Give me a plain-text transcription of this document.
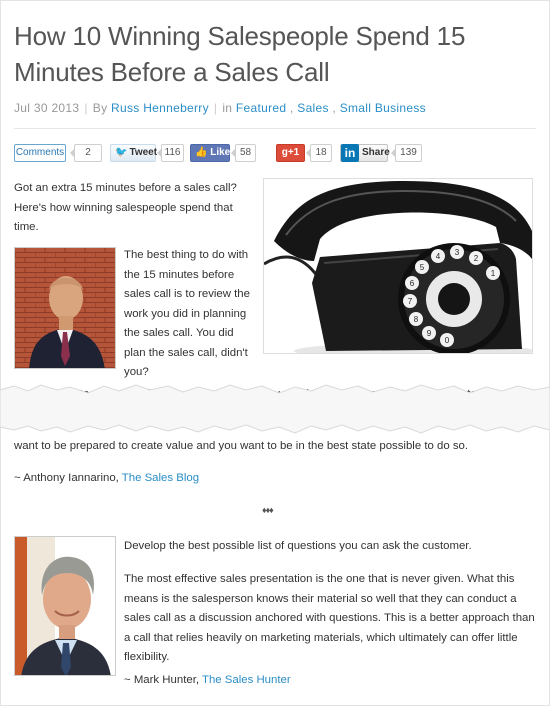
How 10 Winning Salespeople Spend 15 Minutes Before a Sales Call
Jul 30 2013 | By Russ Henneberry | in Featured , Sales , Small Business
Comments	2	🐦 Tweet 116	👍 Like 58	g+1	18	in Share	139

Got an extra 15 minutes before a sales call? Here's how winning salespeople spend that time.

1
2
3
4
5
6
7
8
9
0

The best thing to do with the 15 minutes before sales call is to review the work you did in planning the sales call. You did plan the sales call, didn't you?

want to be prepared to create value and you want to be in the best state possible to do so.

~ Anthony Iannarino, The Sales Blog
♦♦♦

Develop the best possible list of questions you can ask the customer.

The most effective sales presentation is the one that is never given. What this means is the salesperson knows their material so well that they can conduct a sales call as a discussion anchored with questions. This is a better approach than a call that relies heavily on marketing materials, which ultimately can offer little flexibility.

~ Mark Hunter, The Sales Hunter
